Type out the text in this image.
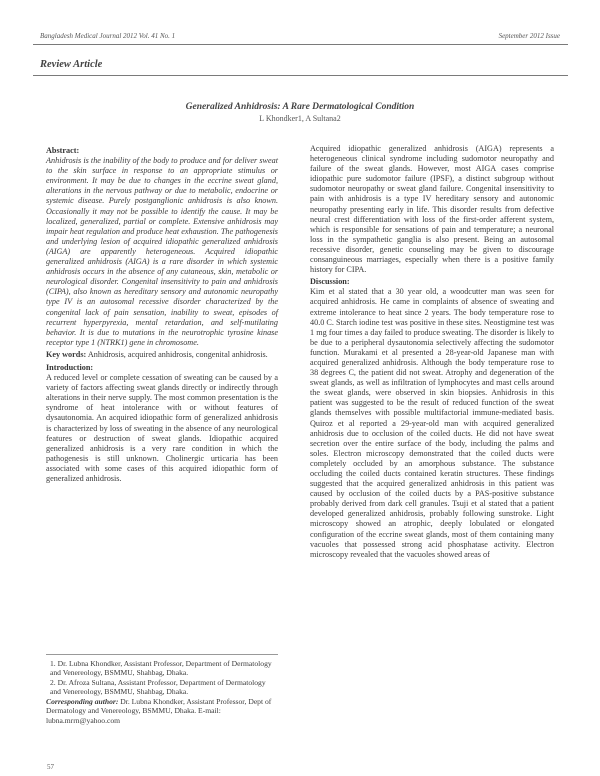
Bangladesh Medical Journal 2012 Vol. 41 No. 1	September 2012 Issue
Review Article
Generalized Anhidrosis: A Rare Dermatological Condition
L Khondker1, A Sultana2

Abstract:

Anhidrosis is the inability of the body to produce and for deliver sweat to the skin surface in response to an appropriate stimulus or environment. It may be due to changes in the eccrine sweat gland, alterations in the nervous pathway or due to metabolic, endocrine or systemic disease. Purely postganglionic anhidrosis is also known. Occasionally it may not be possible to identify the cause. It may be localized, generalized, partial or complete. Extensive anhidrosis may impair heat regulation and produce heat exhaustion. The pathogenesis and underlying lesion of acquired idiopathic generalized anhidrosis (AIGA) are apparently heterogeneous. Acquired idiopathic generalized anhidrosis (AIGA) is a rare disorder in which systemic anhidrosis occurs in the absence of any cutaneous, skin, metabolic or neurological disorder. Congenital insensitivity to pain and anhidrosis (CIPA), also known as hereditary sensory and autonomic neuropathy type IV is an autosomal recessive disorder characterized by the congenital lack of pain sensation, inability to sweat, episodes of recurrent hyperpyrexia, mental retardation, and self-mutilating behavior. It is due to mutations in the neurotrophic tyrosine kinase receptor type 1 (NTRK1) gene in chromosome.

Key words: Anhidrosis, acquired anhidrosis, congenital anhidrosis.

Introduction:

A reduced level or complete cessation of sweating can be caused by a variety of factors affecting sweat glands directly or indirectly through alterations in their nerve supply. The most common presentation is the syndrome of heat intolerance with or without features of dysautonomia. An acquired idiopathic form of generalized anhidrosis is characterized by loss of sweating in the absence of any neurological features or destruction of sweat glands. Idiopathic acquired generalized anhidrosis is a very rare condition in which the pathogenesis is still unknown. Cholinergic urticaria has been associated with some cases of this acquired idiopathic form of generalized anhidrosis.

1. Dr. Lubna Khondker, Assistant Professor, Department of Dermatology and Venereology, BSMMU, Shahbag, Dhaka.
2. Dr. Afroza Sultana, Assistant Professor, Department of Dermatology and Venereology, BSMMU, Shahbag, Dhaka.
Corresponding author: Dr. Lubna Khondker, Assistant Professor, Dept of Dermatology and Venereology, BSMMU, Dhaka. E-mail: lubna.mrrn@yahoo.com

Acquired idiopathic generalized anhidrosis (AIGA) represents a heterogeneous clinical syndrome including sudomotor neuropathy and failure of the sweat glands. However, most AIGA cases comprise idiopathic pure sudomotor failure (IPSF), a distinct subgroup without sudomotor neuropathy or sweat gland failure. Congenital insensitivity to pain with anhidrosis is a type IV hereditary sensory and autonomic neuropathy presenting early in life. This disorder results from defective neural crest differentiation with loss of the first-order afferent system, which is responsible for sensations of pain and temperature; a neuronal loss in the sympathetic ganglia is also present. Being an autosomal recessive disorder, genetic counseling may be given to discourage consanguineous marriages, especially when there is a positive family history for CIPA.

Discussion:

Kim et al stated that a 30 year old, a woodcutter man was seen for acquired anhidrosis. He came in complaints of absence of sweating and extreme intolerance to heat since 2 years. The body temperature rose to 40.0 C. Starch iodine test was positive in these sites. Neostigmine test was 1 mg four times a day failed to produce sweating. The disorder is likely to be due to a peripheral dysautonomia selectively affecting the sudomotor function. Murakami et al presented a 28-year-old Japanese man with acquired generalized anhidrosis. Although the body temperature rose to 38 degrees C, the patient did not sweat. Atrophy and degeneration of the sweat glands, as well as infiltration of lymphocytes and mast cells around the sweat glands, were observed in skin biopsies. Anhidrosis in this patient was suggested to be the result of reduced function of the sweat glands themselves with possible multifactorial immune-mediated basis. Quiroz et al reported a 29-year-old man with acquired generalized anhidrosis due to occlusion of the coiled ducts. He did not have sweat secretion over the entire surface of the body, including the palms and soles. Electron microscopy demonstrated that the coiled ducts were completely occluded by an amorphous substance. The substance occluding the coiled ducts contained keratin structures. These findings suggested that the acquired generalized anhidrosis in this patient was caused by occlusion of the coiled ducts by a PAS-positive substance probably derived from dark cell granules. Tsuji et al stated that a patient developed generalized anhidrosis, probably following sunstroke. Light microscopy showed an atrophic, deeply lobulated or elongated configuration of the eccrine sweat glands, most of them containing many vacuoles that possessed strong acid phosphatase activity. Electron microscopy revealed that the vacuoles showed areas of

57
